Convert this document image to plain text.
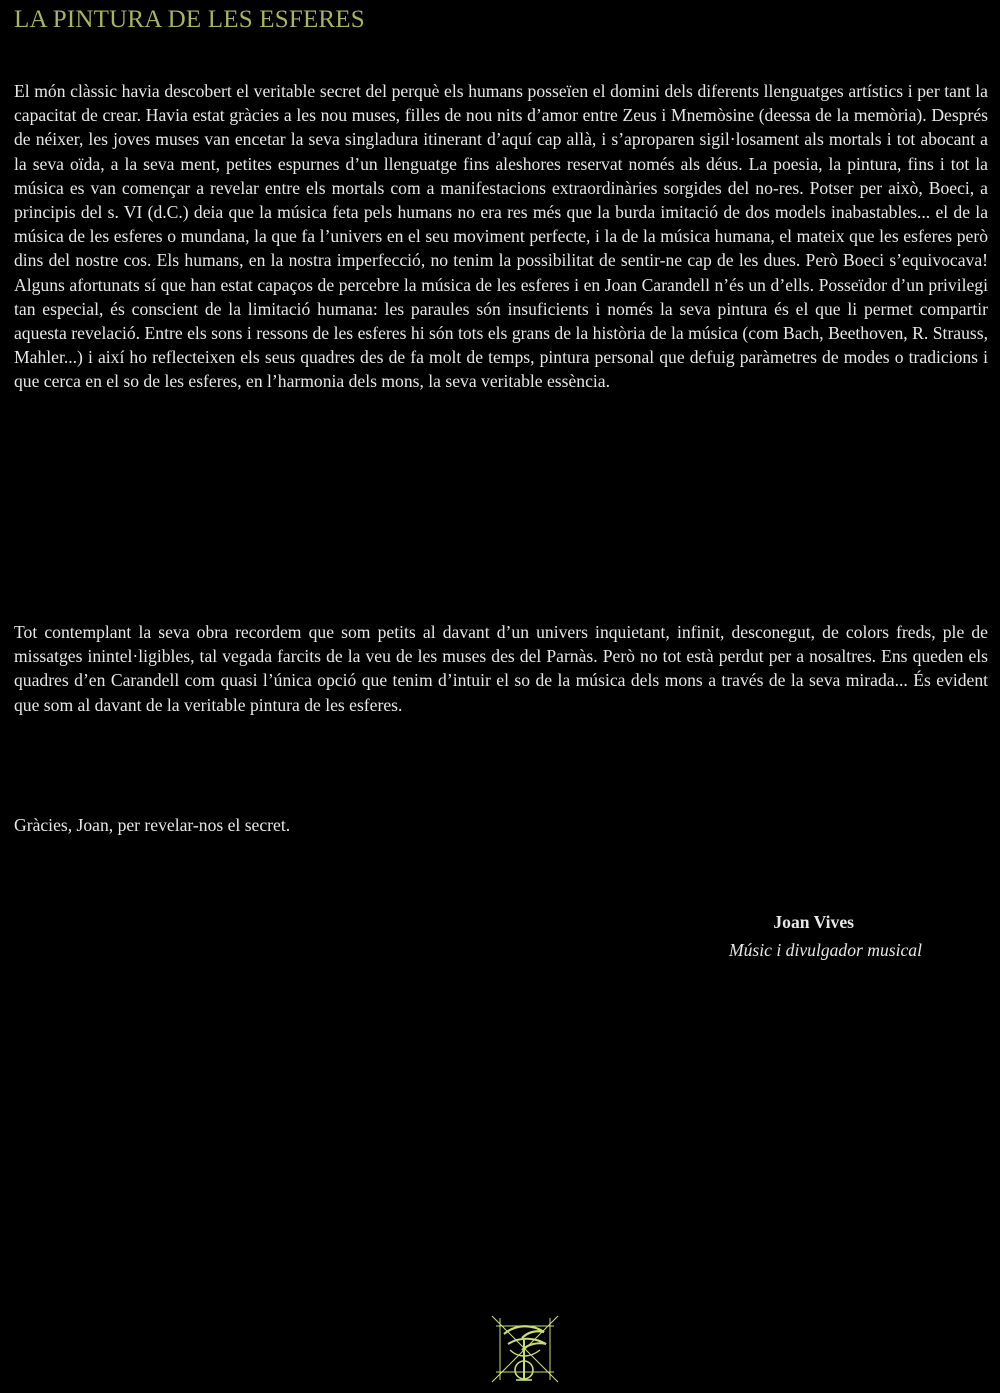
LA PINTURA DE LES ESFERES

El món clàssic havia descobert el veritable secret del perquè els humans posseïen el domini dels diferents llenguatges artístics i per tant la capacitat de crear. Havia estat gràcies a les nou muses, filles de nou nits d’amor entre Zeus i Mnemòsine (deessa de la memòria). Després de néixer, les joves muses van encetar la seva singladura itinerant d’aquí cap allà, i s’aproparen sigil·losament als mortals i tot abocant a la seva oïda, a la seva ment, petites espurnes d’un llenguatge fins aleshores reservat només als déus. La poesia, la pintura, fins i tot la música es van començar a revelar entre els mortals com a manifestacions extraordinàries sorgides del no-res. Potser per això, Boeci, a principis del s. VI (d.C.) deia que la música feta pels humans no era res més que la burda imitació de dos models inabastables... el de la música de les esferes o mundana, la que fa l’univers en el seu moviment perfecte, i la de la música humana, el mateix que les esferes però dins del nostre cos. Els humans, en la nostra imperfecció, no tenim la possibilitat de sentir-ne cap de les dues. Però Boeci s’equivocava! Alguns afortunats sí que han estat capaços de percebre la música de les esferes i en Joan Carandell n’és un d’ells. Posseïdor d’un privilegi tan especial, és conscient de la limitació humana: les paraules són insuficients i només la seva pintura és el que li permet compartir aquesta revelació. Entre els sons i ressons de les esferes hi són tots els grans de la història de la música (com Bach, Beethoven, R. Strauss, Mahler...) i així ho reflecteixen els seus quadres des de fa molt de temps, pintura personal que defuig paràmetres de modes o tradicions i que cerca en el so de les esferes, en l’harmonia dels mons, la seva veritable essència.

Tot contemplant la seva obra recordem que som petits al davant d’un univers inquietant, infinit, desconegut, de colors freds, ple de missatges inintel·ligibles, tal vegada farcits de la veu de les muses des del Parnàs. Però no tot està perdut per a nosaltres. Ens queden els quadres d’en Carandell com quasi l’única opció que tenim d’intuir el so de la música dels mons a través de la seva mirada... És evident que som al davant de la veritable pintura de les esferes.

Gràcies, Joan, per revelar-nos el secret.

Joan Vives
Músic i divulgador musical
